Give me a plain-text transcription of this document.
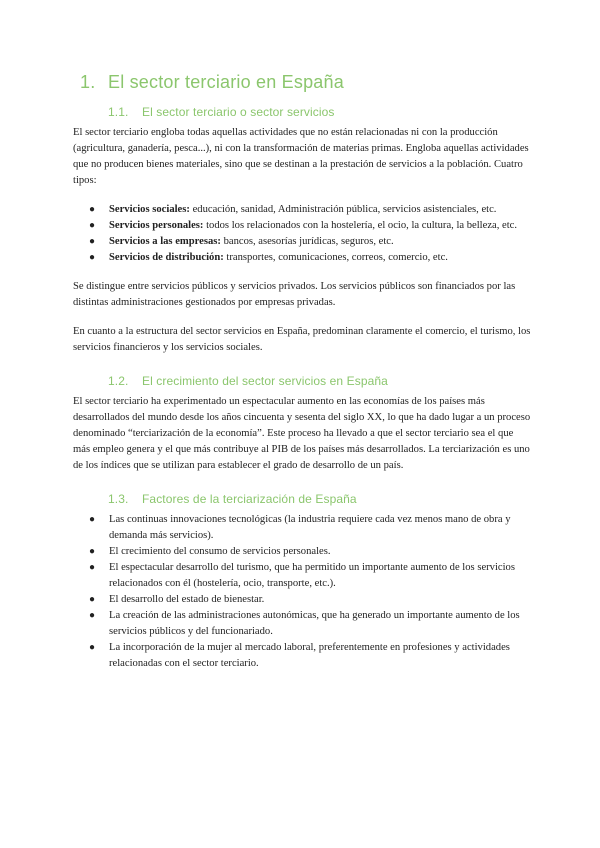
1. El sector terciario en España
1.1.	El sector terciario o sector servicios

El sector terciario engloba todas aquellas actividades que no están relacionadas ni con la producción (agricultura, ganadería, pesca...), ni con la transformación de materias primas. Engloba aquellas actividades que no producen bienes materiales, sino que se destinan a la prestación de servicios a la población. Cuatro tipos:

● Servicios sociales: educación, sanidad, Administración pública, servicios asistenciales, etc.
● Servicios personales: todos los relacionados con la hostelería, el ocio, la cultura, la belleza, etc.
● Servicios a las empresas: bancos, asesorías jurídicas, seguros, etc.
● Servicios de distribución: transportes, comunicaciones, correos, comercio, etc.

Se distingue entre servicios públicos y servicios privados. Los servicios públicos son financiados por las distintas administraciones gestionados por empresas privadas.

En cuanto a la estructura del sector servicios en España, predominan claramente el comercio, el turismo, los servicios financieros y los servicios sociales.

1.2.	El crecimiento del sector servicios en España

El sector terciario ha experimentado un espectacular aumento en las economías de los países más desarrollados del mundo desde los años cincuenta y sesenta del siglo XX, lo que ha dado lugar a un proceso denominado “terciarización de la economía”. Este proceso ha llevado a que el sector terciario sea el que más empleo genera y el que más contribuye al PIB de los países más desarrollados. La terciarización es uno de los índices que se utilizan para establecer el grado de desarrollo de un país.

1.3.	Factores de la terciarización de España
● Las continuas innovaciones tecnológicas (la industria requiere cada vez menos mano de obra y demanda más servicios).
● El crecimiento del consumo de servicios personales.
● El espectacular desarrollo del turismo, que ha permitido un importante aumento de los servicios relacionados con él (hostelería, ocio, transporte, etc.).
● El desarrollo del estado de bienestar.
● La creación de las administraciones autonómicas, que ha generado un importante aumento de los servicios públicos y del funcionariado.
● La incorporación de la mujer al mercado laboral, preferentemente en profesiones y actividades relacionadas con el sector terciario.
